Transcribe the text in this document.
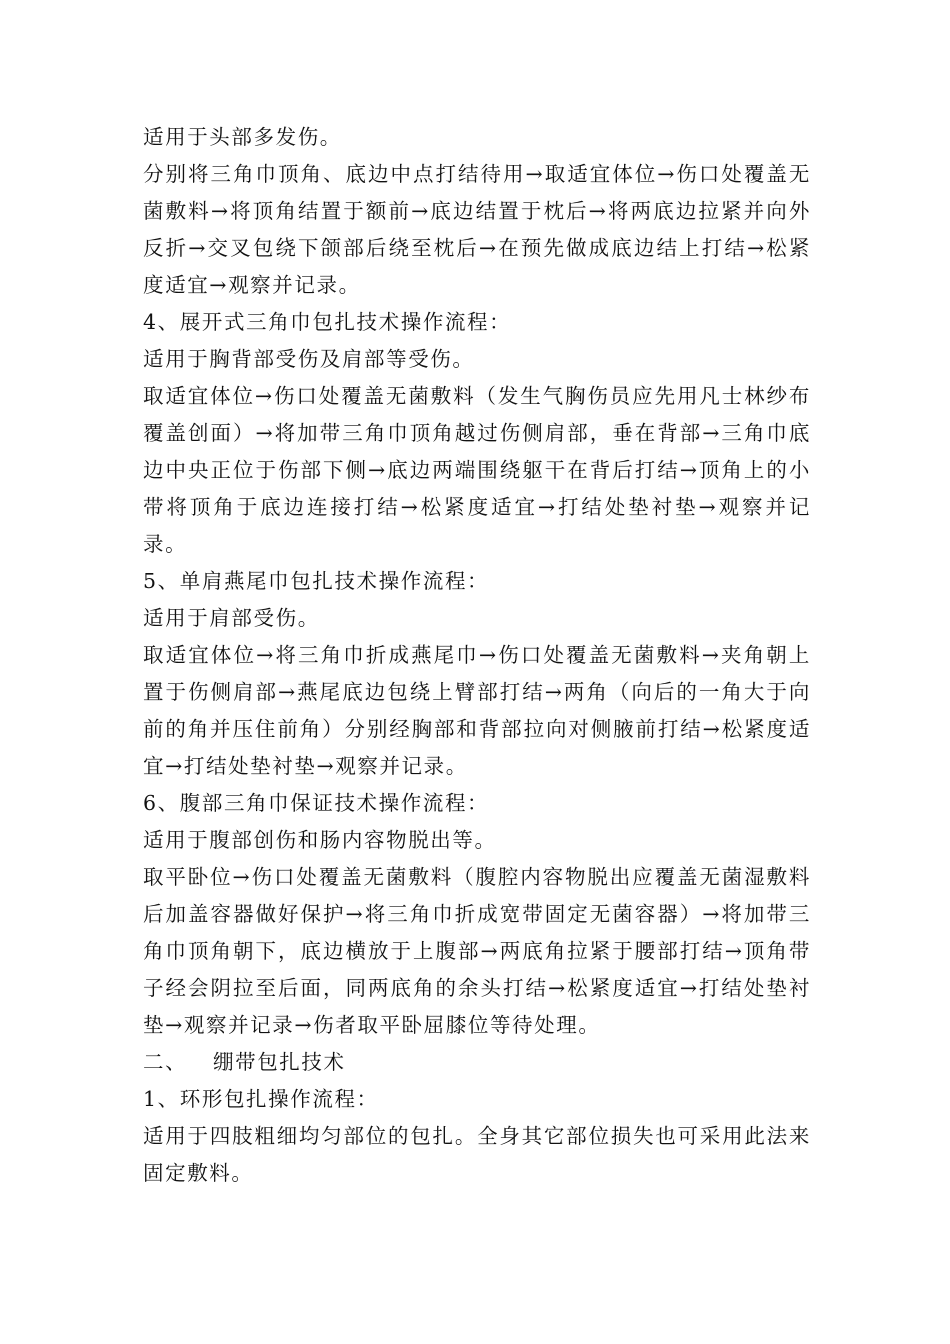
适用于头部多发伤。

分别将三角巾顶角、底边中点打结待用→取适宜体位→伤口处覆盖无菌敷料→将顶角结置于额前→底边结置于枕后→将两底边拉紧并向外反折→交叉包绕下颌部后绕至枕后→在预先做成底边结上打结→松紧度适宜→观察并记录。

4、展开式三角巾包扎技术操作流程：

适用于胸背部受伤及肩部等受伤。

取适宜体位→伤口处覆盖无菌敷料（发生气胸伤员应先用凡士林纱布覆盖创面）→将加带三角巾顶角越过伤侧肩部，垂在背部→三角巾底边中央正位于伤部下侧→底边两端围绕躯干在背后打结→顶角上的小带将顶角于底边连接打结→松紧度适宜→打结处垫衬垫→观察并记录。

5、单肩燕尾巾包扎技术操作流程：

适用于肩部受伤。

取适宜体位→将三角巾折成燕尾巾→伤口处覆盖无菌敷料→夹角朝上置于伤侧肩部→燕尾底边包绕上臂部打结→两角（向后的一角大于向前的角并压住前角）分别经胸部和背部拉向对侧腋前打结→松紧度适宜→打结处垫衬垫→观察并记录。

6、腹部三角巾保证技术操作流程：

适用于腹部创伤和肠内容物脱出等。

取平卧位→伤口处覆盖无菌敷料（腹腔内容物脱出应覆盖无菌湿敷料后加盖容器做好保护→将三角巾折成宽带固定无菌容器）→将加带三角巾顶角朝下，底边横放于上腹部→两底角拉紧于腰部打结→顶角带子经会阴拉至后面，同两底角的余头打结→松紧度适宜→打结处垫衬垫→观察并记录→伤者取平卧屈膝位等待处理。

二、 绷带包扎技术

1、环形包扎操作流程：

适用于四肢粗细均匀部位的包扎。全身其它部位损失也可采用此法来固定敷料。
